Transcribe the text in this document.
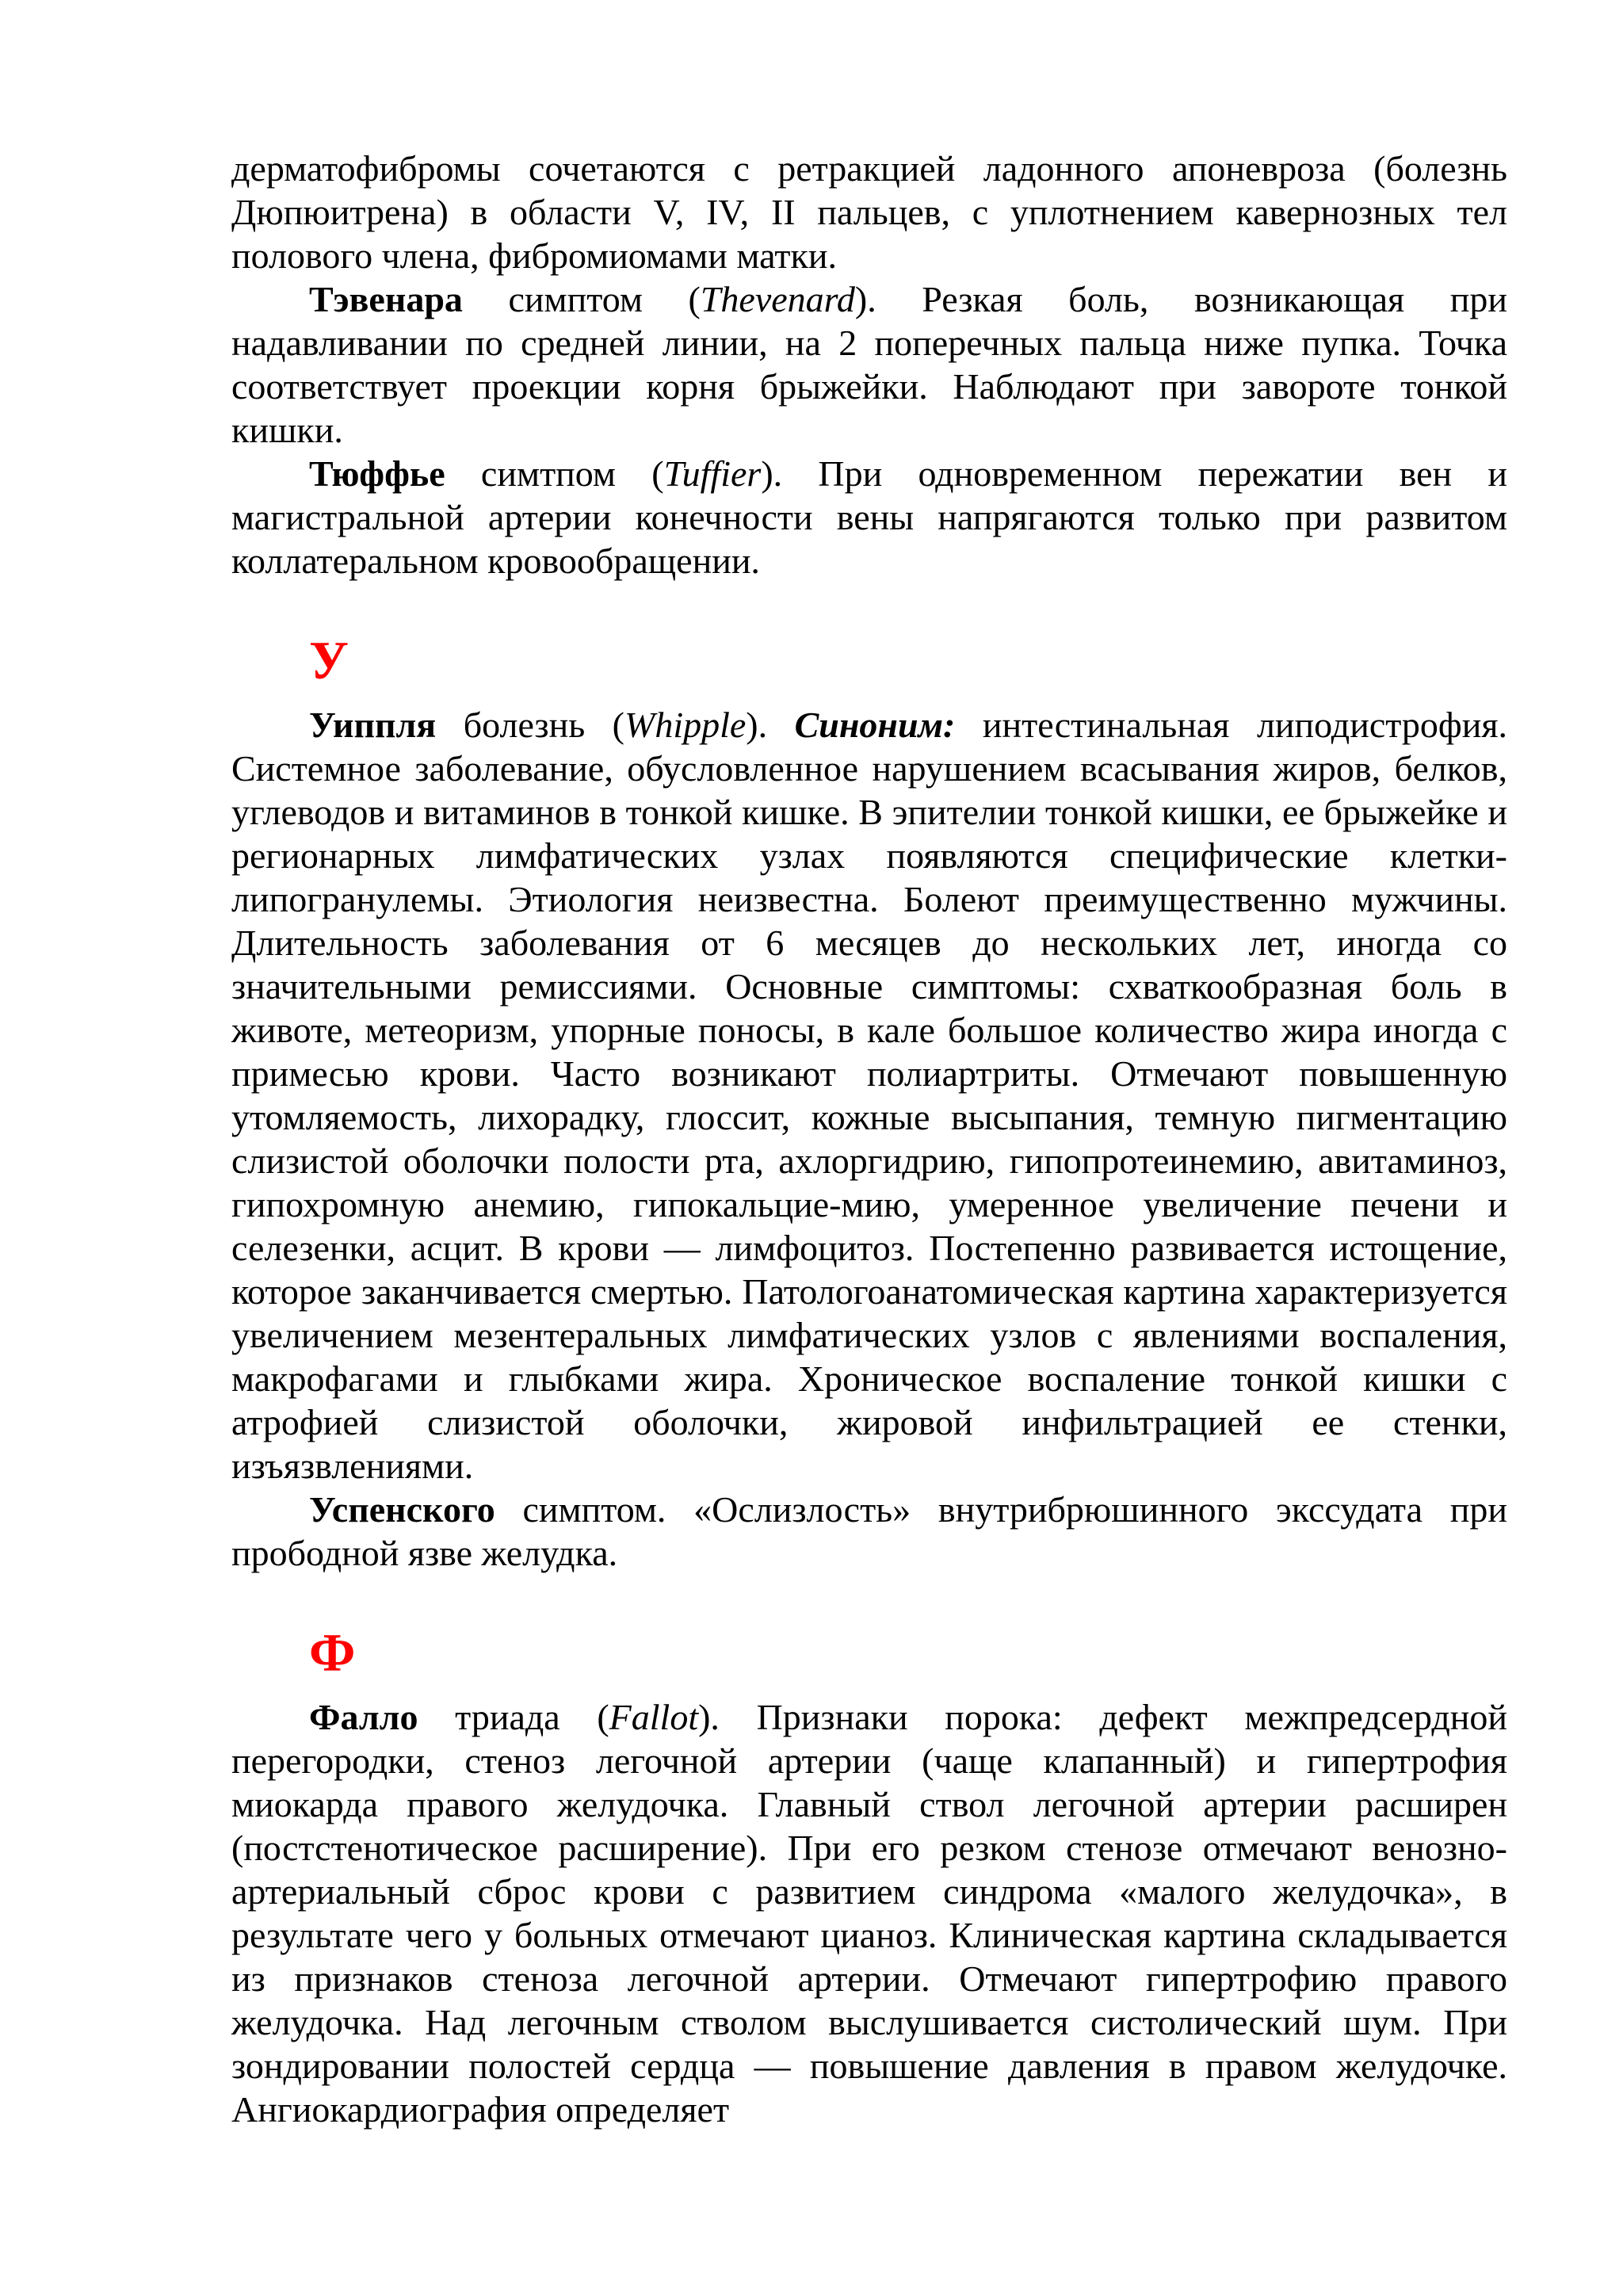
дерматофибромы сочетаются с ретракцией ладонного апоневроза (болезнь Дюпюитрена) в области V, IV, II пальцев, с уплотнением кавернозных тел полового члена, фибромиомами матки.

Тэвенара симптом (Thevenard). Резкая боль, возникающая при надавливании по средней линии, на 2 поперечных пальца ниже пупка. Точка соответствует проекции корня брыжейки. Наблюдают при завороте тонкой кишки.

Тюффье симтпом (Tuffier). При одновременном пережатии вен и магистральной артерии конечности вены напрягаются только при развитом коллатеральном кровообращении.

У

Уиппля болезнь (Whipple). Синоним: интестинальная липодистрофия. Системное заболевание, обусловленное нарушением всасывания жиров, белков, углеводов и витаминов в тонкой кишке. В эпителии тонкой кишки, ее брыжейке и регионарных лимфатических узлах появляются специфические клетки-липогранулемы. Этиология неизвестна. Болеют преимущественно мужчины. Длительность заболевания от 6 месяцев до нескольких лет, иногда со значительными ремиссиями. Основные симптомы: схваткообразная боль в животе, метеоризм, упорные поносы, в кале большое количество жира иногда с примесью крови. Часто возникают полиартриты. Отмечают повышенную утомляемость, лихорадку, глоссит, кожные высыпания, темную пигментацию слизистой оболочки полости рта, ахлоргидрию, гипопротеинемию, авитаминоз, гипохромную анемию, гипокальцие-мию, умеренное увеличение печени и селезенки, асцит. В крови — лимфоцитоз. Постепенно развивается истощение, которое заканчивается смертью. Патологоанатомическая картина характеризуется увеличением мезентеральных лимфатических узлов с явлениями воспаления, макрофагами и глыбками жира. Хроническое воспаление тонкой кишки с атрофией слизистой оболочки, жировой инфильтрацией ее стенки, изъязвлениями.

Успенского симптом. «Ослизлость» внутрибрюшинного экссудата при прободной язве желудка.

Ф

Фалло триада (Fallot). Признаки порока: дефект межпредсердной перегородки, стеноз легочной артерии (чаще клапанный) и гипертрофия миокарда правого желудочка. Главный ствол легочной артерии расширен (постстенотическое расширение). При его резком стенозе отмечают венозно-артериальный сброс крови с развитием синдрома «малого желудочка», в результате чего у больных отмечают цианоз. Клиническая картина складывается из признаков стеноза легочной артерии. Отмечают гипертрофию правого желудочка. Над легочным стволом выслушивается систолический шум. При зондировании полостей сердца — повышение давления в правом желудочке. Ангиокардиография определяет
